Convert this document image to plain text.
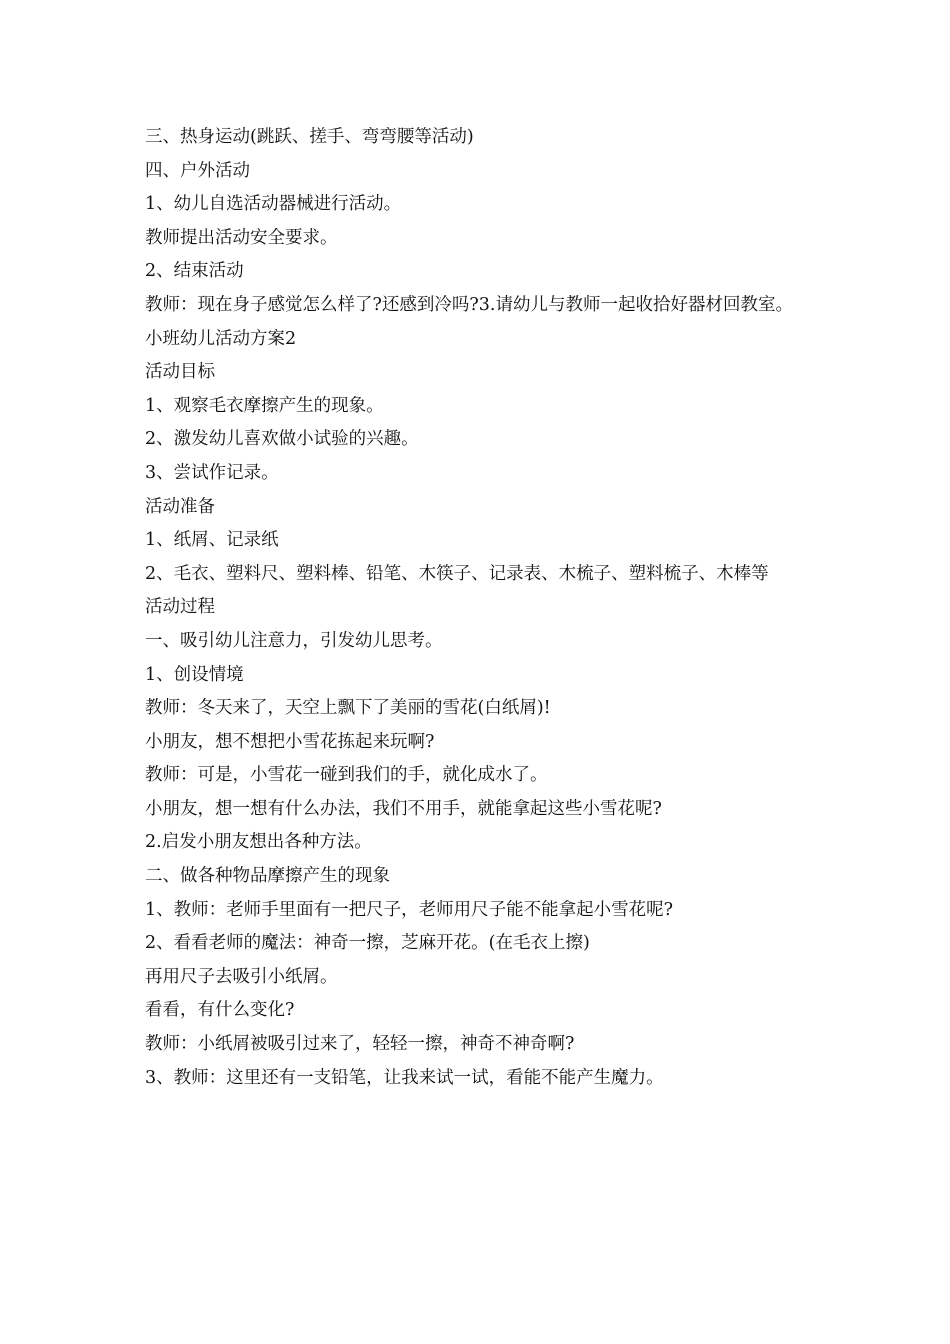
三、热身运动(跳跃、搓手、弯弯腰等活动)

四、户外活动

1、幼儿自选活动器械进行活动。

教师提出活动安全要求。

2、结束活动

教师：现在身子感觉怎么样了?还感到冷吗?3.请幼儿与教师一起收拾好器材回教室。

小班幼儿活动方案2

活动目标

1、观察毛衣摩擦产生的现象。

2、激发幼儿喜欢做小试验的兴趣。

3、尝试作记录。

活动准备

1、纸屑、记录纸

2、毛衣、塑料尺、塑料棒、铅笔、木筷子、记录表、木梳子、塑料梳子、木棒等

活动过程

一、吸引幼儿注意力，引发幼儿思考。

1、创设情境

教师：冬天来了，天空上飘下了美丽的雪花(白纸屑)!

小朋友，想不想把小雪花拣起来玩啊?

教师：可是，小雪花一碰到我们的手，就化成水了。

小朋友，想一想有什么办法，我们不用手，就能拿起这些小雪花呢?

2.启发小朋友想出各种方法。

二、做各种物品摩擦产生的现象

1、教师：老师手里面有一把尺子，老师用尺子能不能拿起小雪花呢?

2、看看老师的魔法：神奇一擦，芝麻开花。(在毛衣上擦)

再用尺子去吸引小纸屑。

看看，有什么变化?

教师：小纸屑被吸引过来了，轻轻一擦，神奇不神奇啊?

3、教师：这里还有一支铅笔，让我来试一试，看能不能产生魔力。
